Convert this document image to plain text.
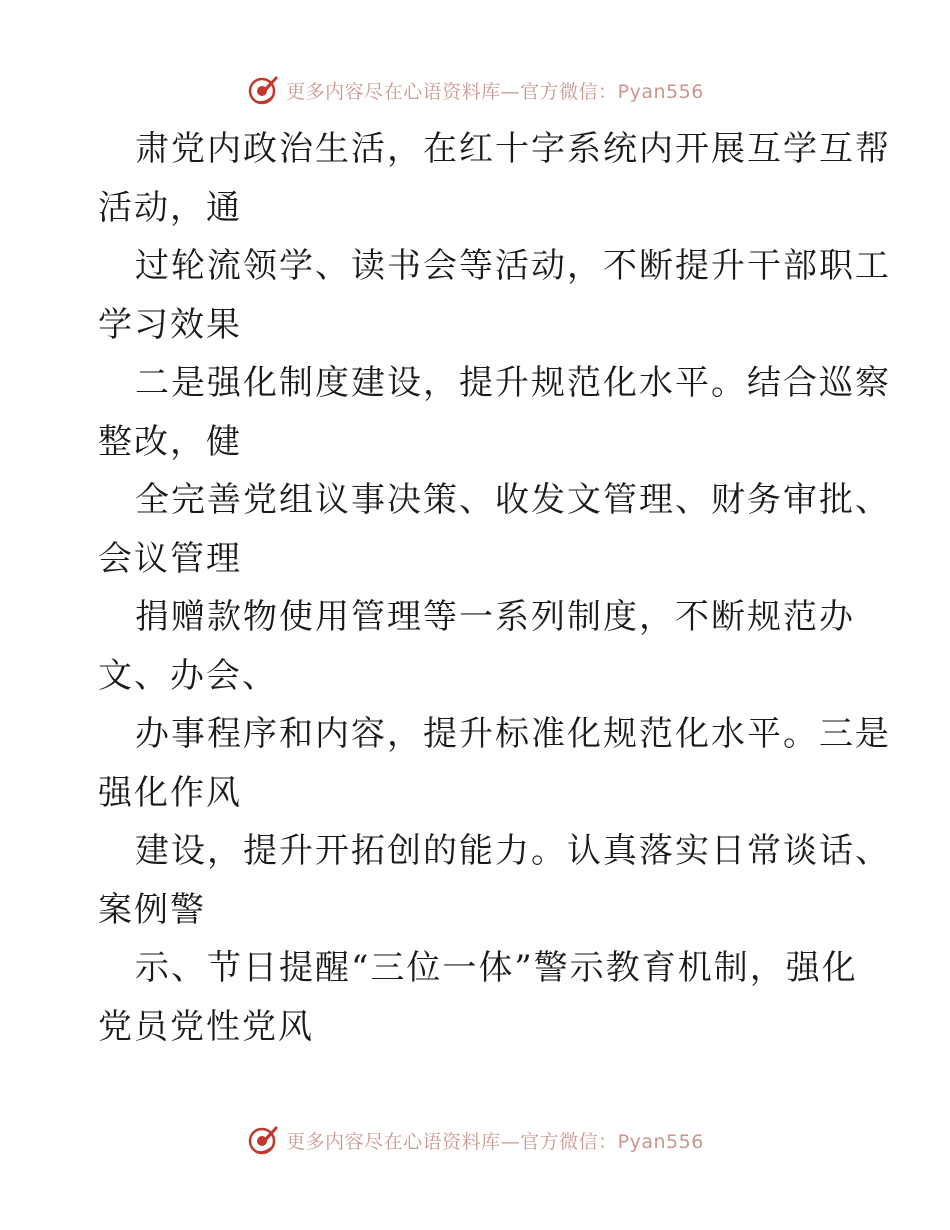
更多内容尽在心语资料库—官方微信：Pyan556
肃党内政治生活，在红十字系统内开展互学互帮
活动，通
过轮流领学、读书会等活动，不断提升干部职工
学习效果
二是强化制度建设，提升规范化水平。结合巡察
整改，健
全完善党组议事决策、收发文管理、财务审批、
会议管理
捐赠款物使用管理等一系列制度，不断规范办
文、办会、
办事程序和内容，提升标准化规范化水平。三是
强化作风
建设，提升开拓创的能力。认真落实日常谈话、
案例警
示、节日提醒“三位一体”警示教育机制，强化
党员党性党风
更多内容尽在心语资料库—官方微信：Pyan556
